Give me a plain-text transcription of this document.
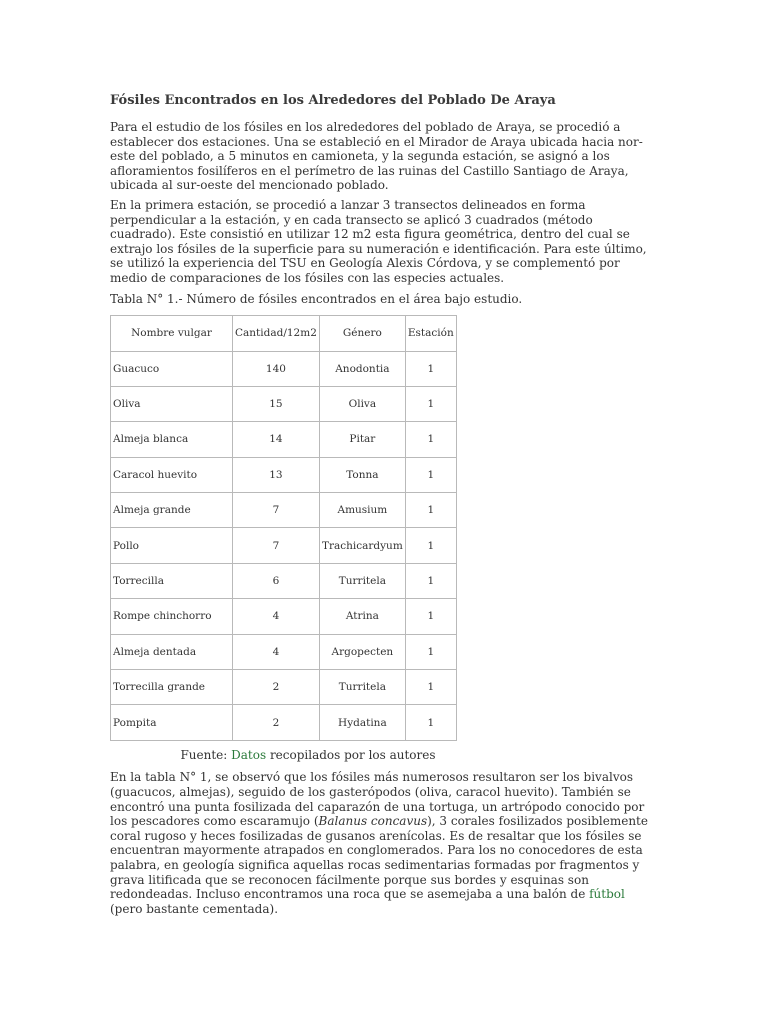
Fósiles Encontrados en los Alrededores del Poblado De Araya

Para el estudio de los fósiles en los alrededores del poblado de Araya, se procedió a establecer dos estaciones. Una se estableció en el Mirador de Araya ubicada hacia nor-este del poblado, a 5 minutos en camioneta, y la segunda estación, se asignó a los afloramientos fosilíferos en el perímetro de las ruinas del Castillo Santiago de Araya, ubicada al sur-oeste del mencionado poblado.

En la primera estación, se procedió a lanzar 3 transectos delineados en forma perpendicular a la estación, y en cada transecto se aplicó 3 cuadrados (método cuadrado). Este consistió en utilizar 12 m2 esta figura geométrica, dentro del cual se extrajo los fósiles de la superficie para su numeración e identificación. Para este último, se utilizó la experiencia del TSU en Geología Alexis Córdova, y se complementó por medio de comparaciones de los fósiles con las especies actuales.

Tabla N° 1.- Número de fósiles encontrados en el área bajo estudio.

Nombre vulgar	Cantidad/12m2	Género	Estación
Guacuco	140	Anodontia	1
Oliva	15	Oliva	1
Almeja blanca	14	Pitar	1
Caracol huevito	13	Tonna	1
Almeja grande	7	Amusium	1
Pollo	7	Trachicardyum	1
Torrecilla	6	Turritela	1
Rompe chinchorro	4	Atrina	1
Almeja dentada	4	Argopecten	1
Torrecilla grande	2	Turritela	1
Pompita	2	Hydatina	1

Fuente: Datos recopilados por los autores

En la tabla N° 1, se observó que los fósiles más numerosos resultaron ser los bivalvos (guacucos, almejas), seguido de los gasterópodos (oliva, caracol huevito). También se encontró una punta fosilizada del caparazón de una tortuga, un artrópodo conocido por los pescadores como escaramujo (Balanus concavus), 3 corales fosilizados posiblemente coral rugoso y heces fosilizadas de gusanos arenícolas. Es de resaltar que los fósiles se encuentran mayormente atrapados en conglomerados. Para los no conocedores de esta palabra, en geología significa aquellas rocas sedimentarias formadas por fragmentos y grava litificada que se reconocen fácilmente porque sus bordes y esquinas son redondeadas. Incluso encontramos una roca que se asemejaba a una balón de fútbol (pero bastante cementada).
